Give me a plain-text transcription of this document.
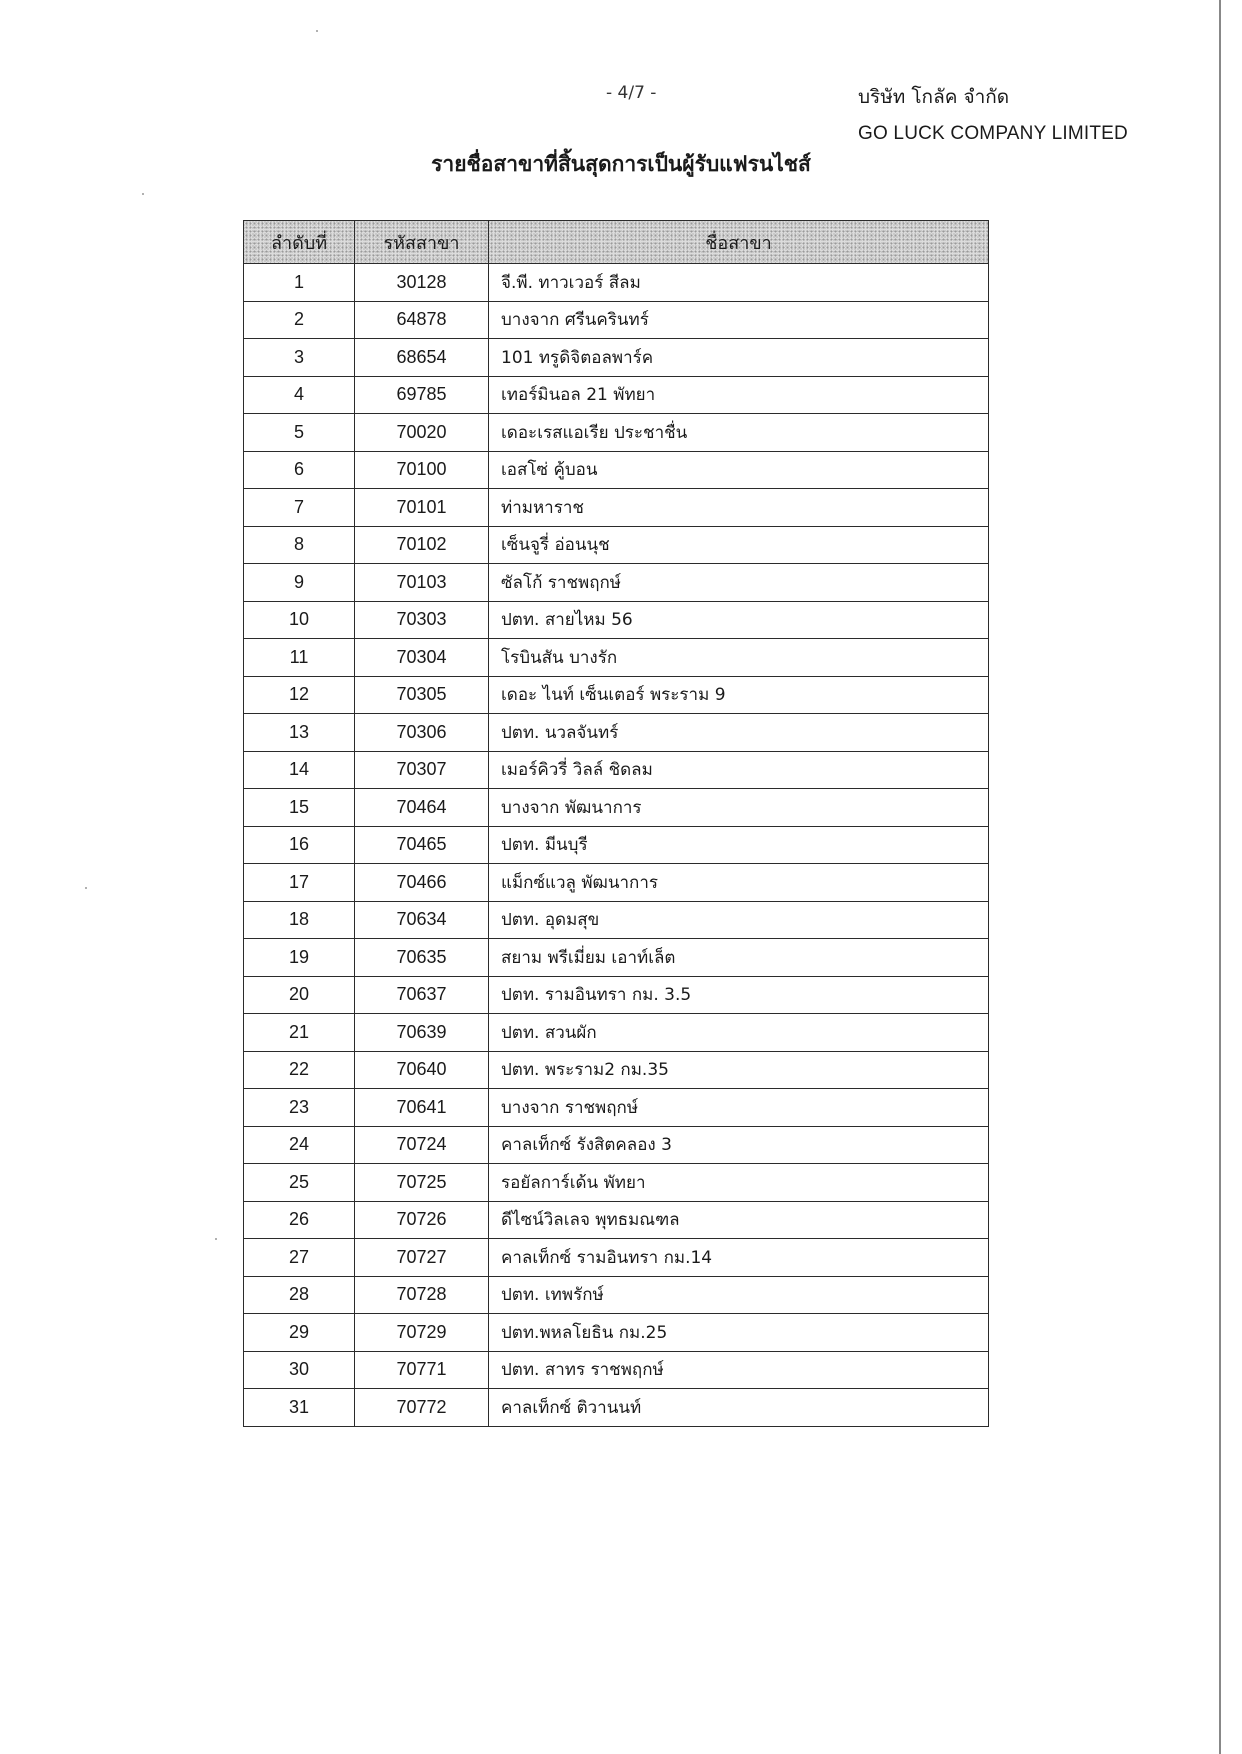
- 4/7 -	บริษัท โกลัค จำกัด
GO LUCK COMPANY LIMITED
รายชื่อสาขาที่สิ้นสุดการเป็นผู้รับแฟรนไชส์
ลำดับที่	รหัสสาขา	ชื่อสาขา
1	30128	จี.พี. ทาวเวอร์ สีลม
2	64878	บางจาก ศรีนครินทร์
3	68654	101 ทรูดิจิตอลพาร์ค
4	69785	เทอร์มินอล 21 พัทยา
5	70020	เดอะเรสแอเรีย ประชาชื่น
6	70100	เอสโซ่ คู้บอน
7	70101	ท่ามหาราช
8	70102	เซ็นจูรี่ อ่อนนุช
9	70103	ซัลโก้ ราชพฤกษ์
10	70303	ปตท. สายไหม 56
11	70304	โรบินสัน บางรัก
12	70305	เดอะ ไนท์ เซ็นเตอร์ พระราม 9
13	70306	ปตท. นวลจันทร์
14	70307	เมอร์คิวรี่ วิลล์ ชิดลม
15	70464	บางจาก พัฒนาการ
16	70465	ปตท. มีนบุรี
17	70466	แม็กซ์แวลู พัฒนาการ
18	70634	ปตท. อุดมสุข
19	70635	สยาม พรีเมี่ยม เอาท์เล็ต
20	70637	ปตท. รามอินทรา กม. 3.5
21	70639	ปตท. สวนผัก
22	70640	ปตท. พระราม2 กม.35
23	70641	บางจาก ราชพฤกษ์
24	70724	คาลเท็กซ์ รังสิตคลอง 3
25	70725	รอยัลการ์เด้น พัทยา
26	70726	ดีไซน์วิลเลจ พุทธมณฑล
27	70727	คาลเท็กซ์ รามอินทรา กม.14
28	70728	ปตท. เทพรักษ์
29	70729	ปตท.พหลโยธิน กม.25
30	70771	ปตท. สาทร ราชพฤกษ์
31	70772	คาลเท็กซ์ ติวานนท์
